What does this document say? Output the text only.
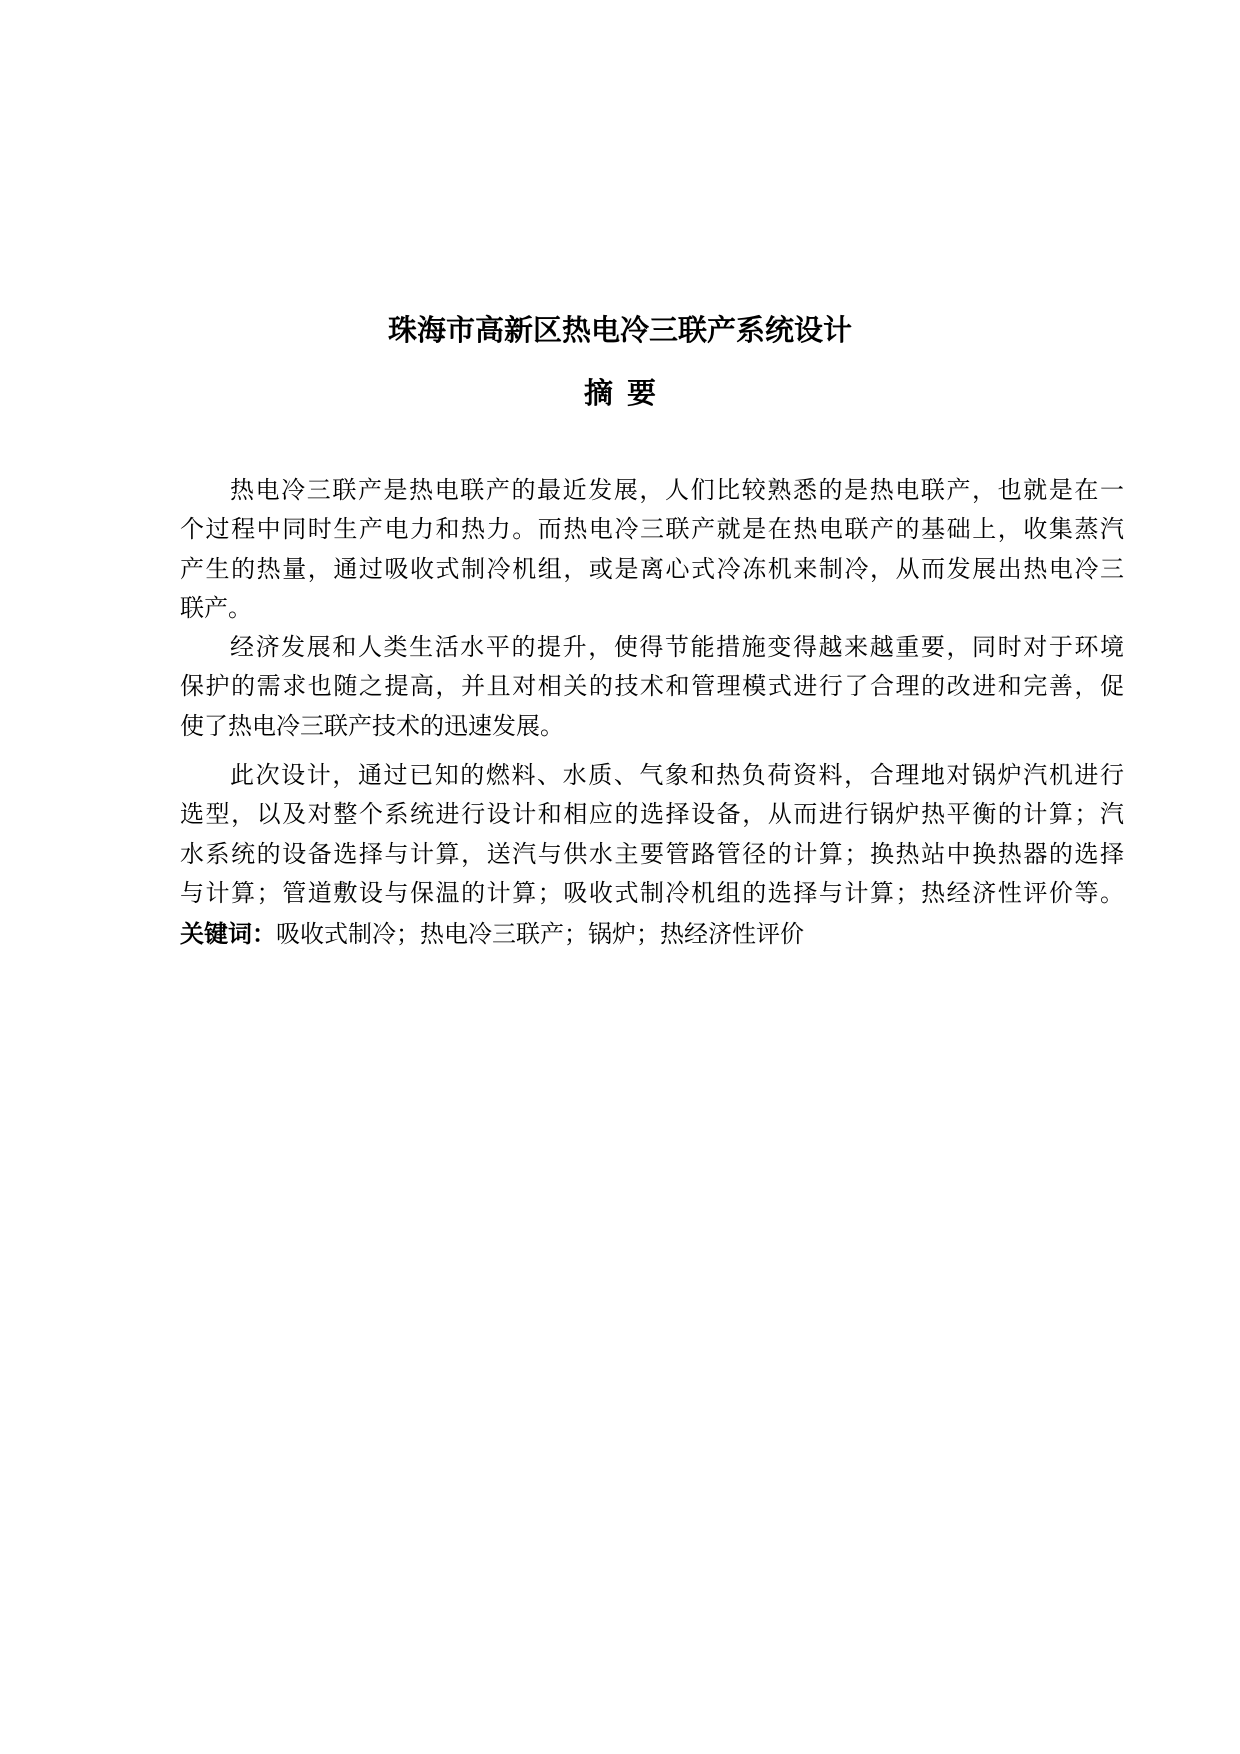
珠海市高新区热电冷三联产系统设计
摘要
热电冷三联产是热电联产的最近发展，人们比较熟悉的是热电联产，也就是在一
个过程中同时生产电力和热力。而热电冷三联产就是在热电联产的基础上，收集蒸汽
产生的热量，通过吸收式制冷机组，或是离心式冷冻机来制冷，从而发展出热电冷三
联产。
经济发展和人类生活水平的提升，使得节能措施变得越来越重要，同时对于环境
保护的需求也随之提高，并且对相关的技术和管理模式进行了合理的改进和完善，促
使了热电冷三联产技术的迅速发展。
此次设计，通过已知的燃料、水质、气象和热负荷资料，合理地对锅炉汽机进行
选型，以及对整个系统进行设计和相应的选择设备，从而进行锅炉热平衡的计算；汽
水系统的设备选择与计算，送汽与供水主要管路管径的计算；换热站中换热器的选择
与计算；管道敷设与保温的计算；吸收式制冷机组的选择与计算；热经济性评价等。
关键词：吸收式制冷；热电冷三联产；锅炉；热经济性评价
